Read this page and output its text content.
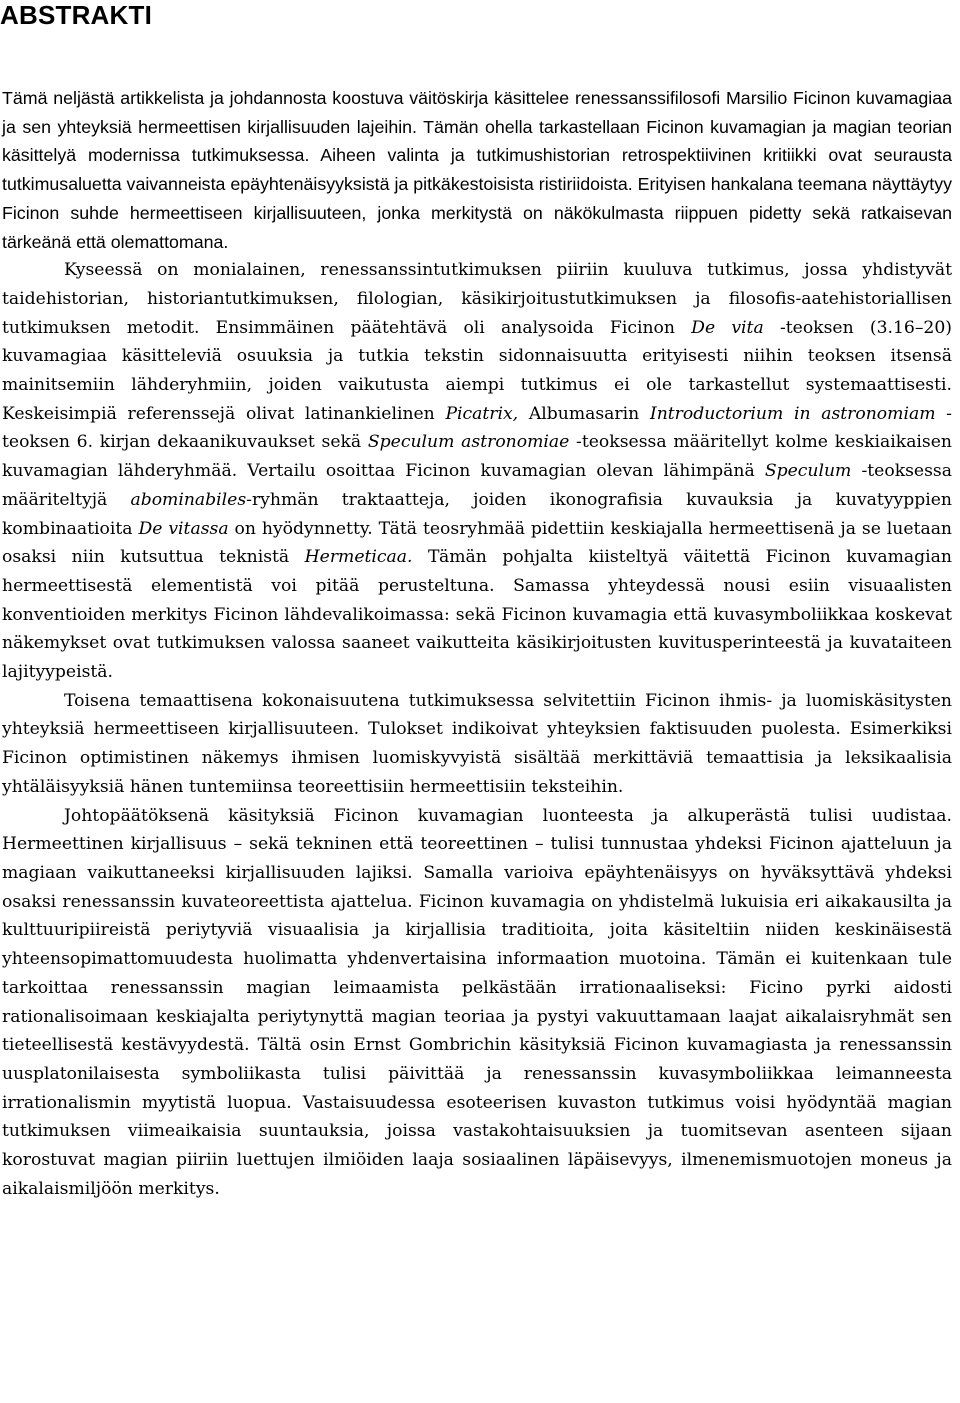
ABSTRAKTI

Tämä neljästä artikkelista ja johdannosta koostuva väitöskirja käsittelee renessanssifilosofi Marsilio Ficinon kuvamagiaa ja sen yhteyksiä hermeettisen kirjallisuuden lajeihin. Tämän ohella tarkastellaan Ficinon kuvamagian ja magian teorian käsittelyä modernissa tutkimuksessa. Aiheen valinta ja tutkimushistorian retrospektiivinen kritiikki ovat seurausta tutkimusaluetta vaivanneista epäyhtenäisyyksistä ja pitkäkestoisista ristiriidoista. Erityisen hankalana teemana näyttäytyy Ficinon suhde hermeettiseen kirjallisuuteen, jonka merkitystä on näkökulmasta riippuen pidetty sekä ratkaisevan tärkeänä että olemattomana.

Kyseessä on monialainen, renessanssintutkimuksen piiriin kuuluva tutkimus, jossa yhdistyvät taidehistorian, historiantutkimuksen, filologian, käsikirjoitustutkimuksen ja filosofis-aatehistoriallisen tutkimuksen metodit. Ensimmäinen päätehtävä oli analysoida Ficinon De vita -teoksen (3.16–20) kuvamagiaa käsitteleviä osuuksia ja tutkia tekstin sidonnaisuutta erityisesti niihin teoksen itsensä mainitsemiin lähderyhmiin, joiden vaikutusta aiempi tutkimus ei ole tarkastellut systemaattisesti. Keskeisimpiä referenssejä olivat latinankielinen Picatrix, Albumasarin Introductorium in astronomiam -teoksen 6. kirjan dekaanikuvaukset sekä Speculum astronomiae -teoksessa määritellyt kolme keskiaikaisen kuvamagian lähderyhmää. Vertailu osoittaa Ficinon kuvamagian olevan lähimpänä Speculum -teoksessa määriteltyjä abominabiles-ryhmän traktaatteja, joiden ikonografisia kuvauksia ja kuvatyyppien kombinaatioita De vitassa on hyödynnetty. Tätä teosryhmää pidettiin keskiajalla hermeettisenä ja se luetaan osaksi niin kutsuttua teknistä Hermeticaa. Tämän pohjalta kiisteltyä väitettä Ficinon kuvamagian hermeettisestä elementistä voi pitää perusteltuna. Samassa yhteydessä nousi esiin visuaalisten konventioiden merkitys Ficinon lähdevalikoimassa: sekä Ficinon kuvamagia että kuvasymboliikkaa koskevat näkemykset ovat tutkimuksen valossa saaneet vaikutteita käsikirjoitusten kuvitusperinteestä ja kuvataiteen lajityypeistä.

Toisena temaattisena kokonaisuutena tutkimuksessa selvitettiin Ficinon ihmis- ja luomiskäsitysten yhteyksiä hermeettiseen kirjallisuuteen. Tulokset indikoivat yhteyksien faktisuuden puolesta. Esimerkiksi Ficinon optimistinen näkemys ihmisen luomiskyvyistä sisältää merkittäviä temaattisia ja leksikaalisia yhtäläisyyksiä hänen tuntemiinsa teoreettisiin hermeettisiin teksteihin.

Johtopäätöksenä käsityksiä Ficinon kuvamagian luonteesta ja alkuperästä tulisi uudistaa. Hermeettinen kirjallisuus – sekä tekninen että teoreettinen – tulisi tunnustaa yhdeksi Ficinon ajatteluun ja magiaan vaikuttaneeksi kirjallisuuden lajiksi. Samalla varioiva epäyhtenäisyys on hyväksyttävä yhdeksi osaksi renessanssin kuvateoreettista ajattelua. Ficinon kuvamagia on yhdistelmä lukuisia eri aikakausilta ja kulttuuripiireistä periytyviä visuaalisia ja kirjallisia traditioita, joita käsiteltiin niiden keskinäisestä yhteensopimattomuudesta huolimatta yhdenvertaisina informaation muotoina. Tämän ei kuitenkaan tule tarkoittaa renessanssin magian leimaamista pelkästään irrationaaliseksi: Ficino pyrki aidosti rationalisoimaan keskiajalta periytynyttä magian teoriaa ja pystyi vakuuttamaan laajat aikalaisryhmät sen tieteellisestä kestävyydestä. Tältä osin Ernst Gombrichin käsityksiä Ficinon kuvamagiasta ja renessanssin uusplatonilaisesta symboliikasta tulisi päivittää ja renessanssin kuvasymboliikkaa leimanneesta irrationalismin myytistä luopua. Vastaisuudessa esoteerisen kuvaston tutkimus voisi hyödyntää magian tutkimuksen viimeaikaisia suuntauksia, joissa vastakohtaisuuksien ja tuomitsevan asenteen sijaan korostuvat magian piiriin luettujen ilmiöiden laaja sosiaalinen läpäisevyys, ilmenemismuotojen moneus ja aikalaismiljöön merkitys.
